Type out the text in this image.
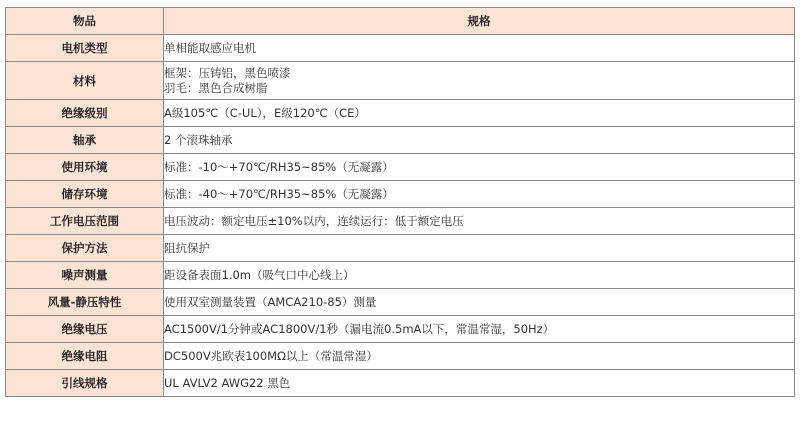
物品	规格
电机类型	单相能取感应电机

材料	框架：压铸铝，黑色喷漆
羽毛：黑色合成树脂

绝缘级别	A级105℃（C-UL），E级120℃（CE）

轴承	2 个滚珠轴承

使用环境	标准：-10～+70℃/RH35~85%（无凝露）

储存环境	标准：-40～+70℃/RH35~85%（无凝露）

工作电压范围	电压波动：额定电压±10%以内，连续运行：低于额定电压

保护方法	阻抗保护

噪声测量	距设备表面1.0m（吸气口中心线上）

风量-静压特性	使用双室测量装置（AMCA210-85）测量

绝缘电压	AC1500V/1分钟或AC1800V/1秒（漏电流0.5mA以下，常温常湿，50Hz）

绝缘电阻	DC500V兆欧表100MΩ以上（常温常湿）

引线规格	UL AVLV2 AWG22 黑色
